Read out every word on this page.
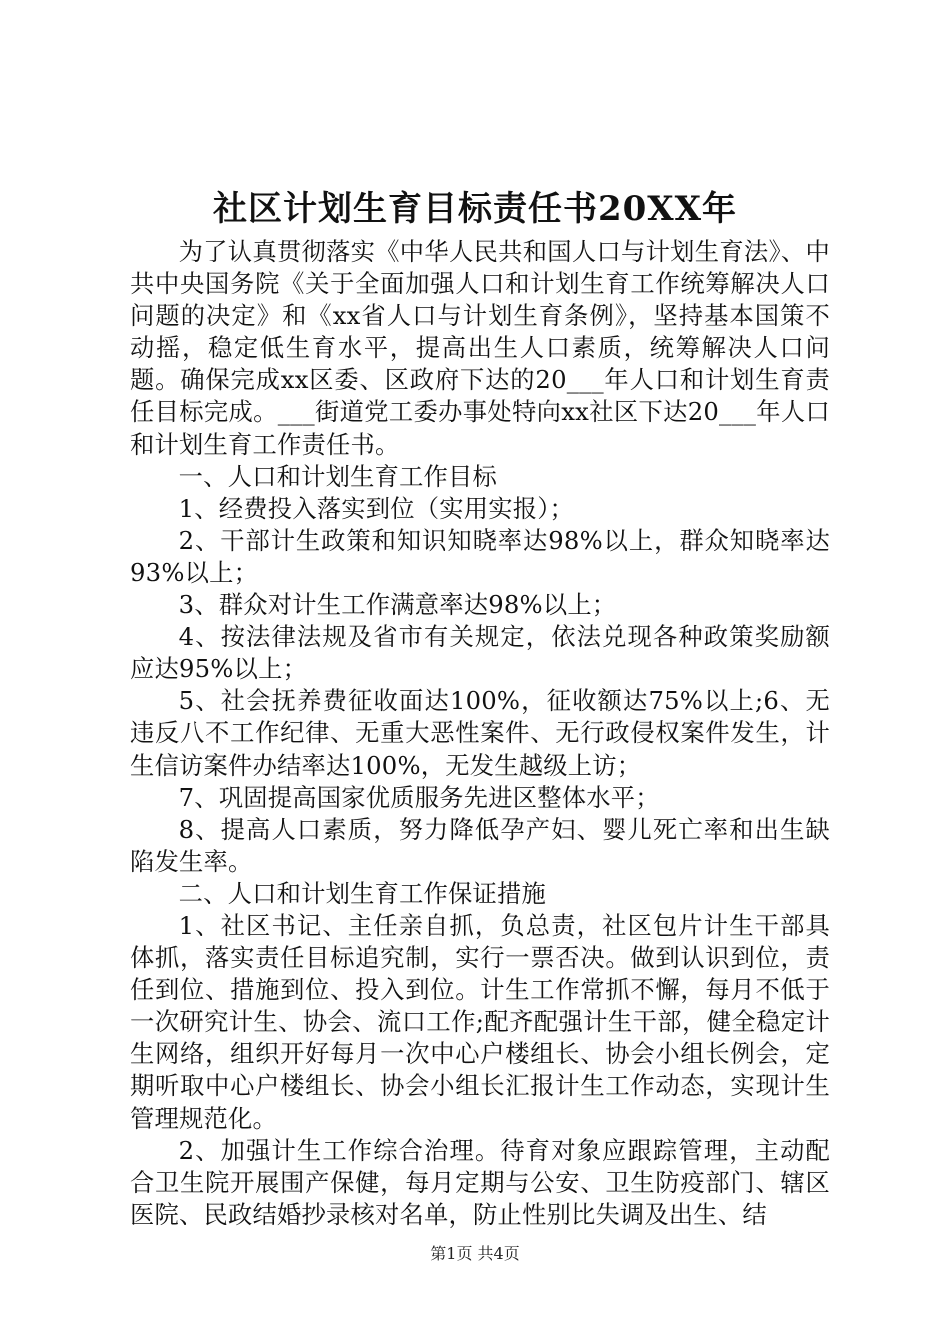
社区计划生育目标责任书20XX年

为了认真贯彻落实《中华人民共和国人口与计划生育法》、中共中央国务院《关于全面加强人口和计划生育工作统筹解决人口问题的决定》和《xx省人口与计划生育条例》，坚持基本国策不动摇，稳定低生育水平，提高出生人口素质，统筹解决人口问题。确保完成xx区委、区政府下达的20___年人口和计划生育责任目标完成。___街道党工委办事处特向xx社区下达20___年人口和计划生育工作责任书。

一、人口和计划生育工作目标

1、经费投入落实到位（实用实报）；

2、干部计生政策和知识知晓率达98%以上，群众知晓率达93%以上；

3、群众对计生工作满意率达98%以上；

4、按法律法规及省市有关规定，依法兑现各种政策奖励额应达95%以上；

5、社会抚养费征收面达100%，征收额达75%以上;6、无违反八不工作纪律、无重大恶性案件、无行政侵权案件发生，计生信访案件办结率达100%，无发生越级上访；

7、巩固提高国家优质服务先进区整体水平；

8、提高人口素质，努力降低孕产妇、婴儿死亡率和出生缺陷发生率。

二、人口和计划生育工作保证措施

1、社区书记、主任亲自抓，负总责，社区包片计生干部具体抓，落实责任目标追究制，实行一票否决。做到认识到位，责任到位、措施到位、投入到位。计生工作常抓不懈，每月不低于一次研究计生、协会、流口工作;配齐配强计生干部，健全稳定计生网络，组织开好每月一次中心户楼组长、协会小组长例会，定期听取中心户楼组长、协会小组长汇报计生工作动态，实现计生管理规范化。

2、加强计生工作综合治理。待育对象应跟踪管理，主动配合卫生院开展围产保健，每月定期与公安、卫生防疫部门、辖区医院、民政结婚抄录核对名单，防止性别比失调及出生、结

第1页 共4页
